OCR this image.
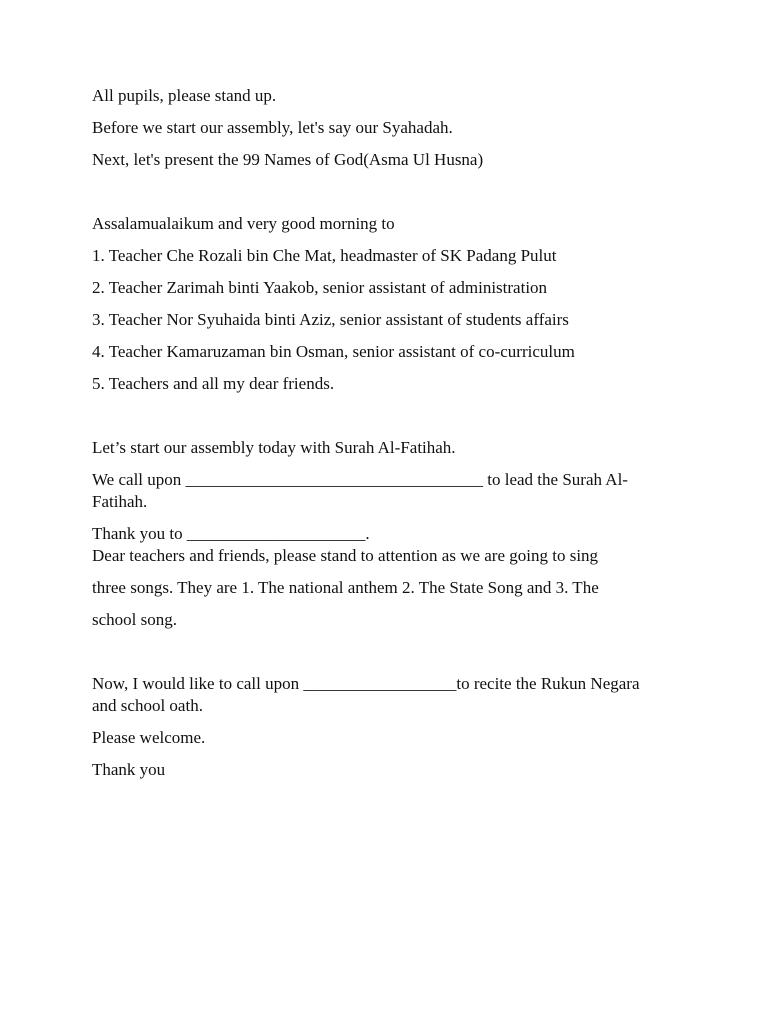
All pupils, please stand up.

Before we start our assembly, let's say our Syahadah.

Next, let's present the 99 Names of God(Asma Ul Husna)

Assalamualaikum and very good morning to

1. Teacher Che Rozali bin Che Mat, headmaster of SK Padang Pulut

2. Teacher Zarimah binti Yaakob, senior assistant of administration

3. Teacher Nor Syuhaida binti Aziz, senior assistant of students affairs

4. Teacher Kamaruzaman bin Osman, senior assistant of co-curriculum

5. Teachers and all my dear friends.

Let’s start our assembly today with Surah Al-Fatihah.

We call upon ___________________________________ to lead the Surah Al-

Fatihah.

Thank you to _____________________.

Dear teachers and friends, please stand to attention as we are going to sing

three songs. They are 1. The national anthem 2. The State Song and 3. The

school song.

Now, I would like to call upon __________________to recite the Rukun Negara

and school oath.

Please welcome.

Thank you
